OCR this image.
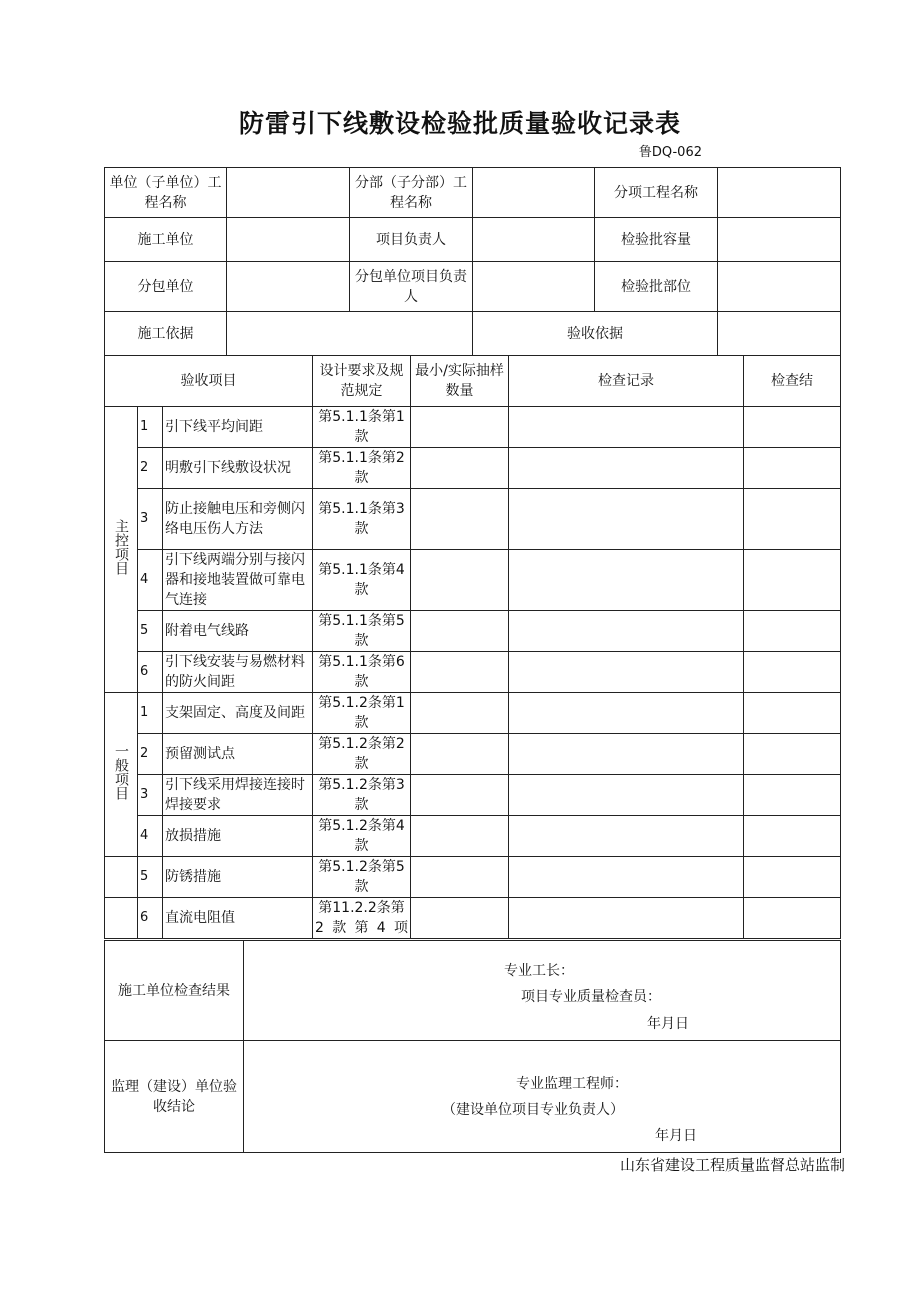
防雷引下线敷设检验批质量验收记录表
鲁DQ-062
单位（子单位）工程名称		分部（子分部）工程名称		分项工程名称	
施工单位		项目负责人		检验批容量	
分包单位		分包单位项目负责人		检验批部位	
施工依据			验收依据		
验收项目			设计要求及规范规定	最小/实际抽样数量	检查记录	检查结
主控项目	1	引下线平均间距	第5.1.1条第1款			
	2	明敷引下线敷设状况	第5.1.1条第2款			
	3	防止接触电压和旁侧闪络电压伤人方法	第5.1.1条第3款			
	4	引下线两端分别与接闪器和接地装置做可靠电气连接	第5.1.1条第4款			
	5	附着电气线路	第5.1.1条第5款			
	6	引下线安装与易燃材料的防火间距	第5.1.1条第6款			
一般项目	1	支架固定、高度及间距	第5.1.2条第1款			
	2	预留测试点	第5.1.2条第2款			
	3	引下线采用焊接连接时焊接要求	第5.1.2条第3款			
	4	放损措施	第5.1.2条第4款			
	5	防锈措施	第5.1.2条第5款			
	6	直流电阻值	第11.2.2条第2款第4项			
施工单位检查结果	专业工长：
项目专业质量检查员：
年月日

监理（建设）单位验收结论	专业监理工程师：
（建设单位项目专业负责人）
年月日
山东省建设工程质量监督总站监制
